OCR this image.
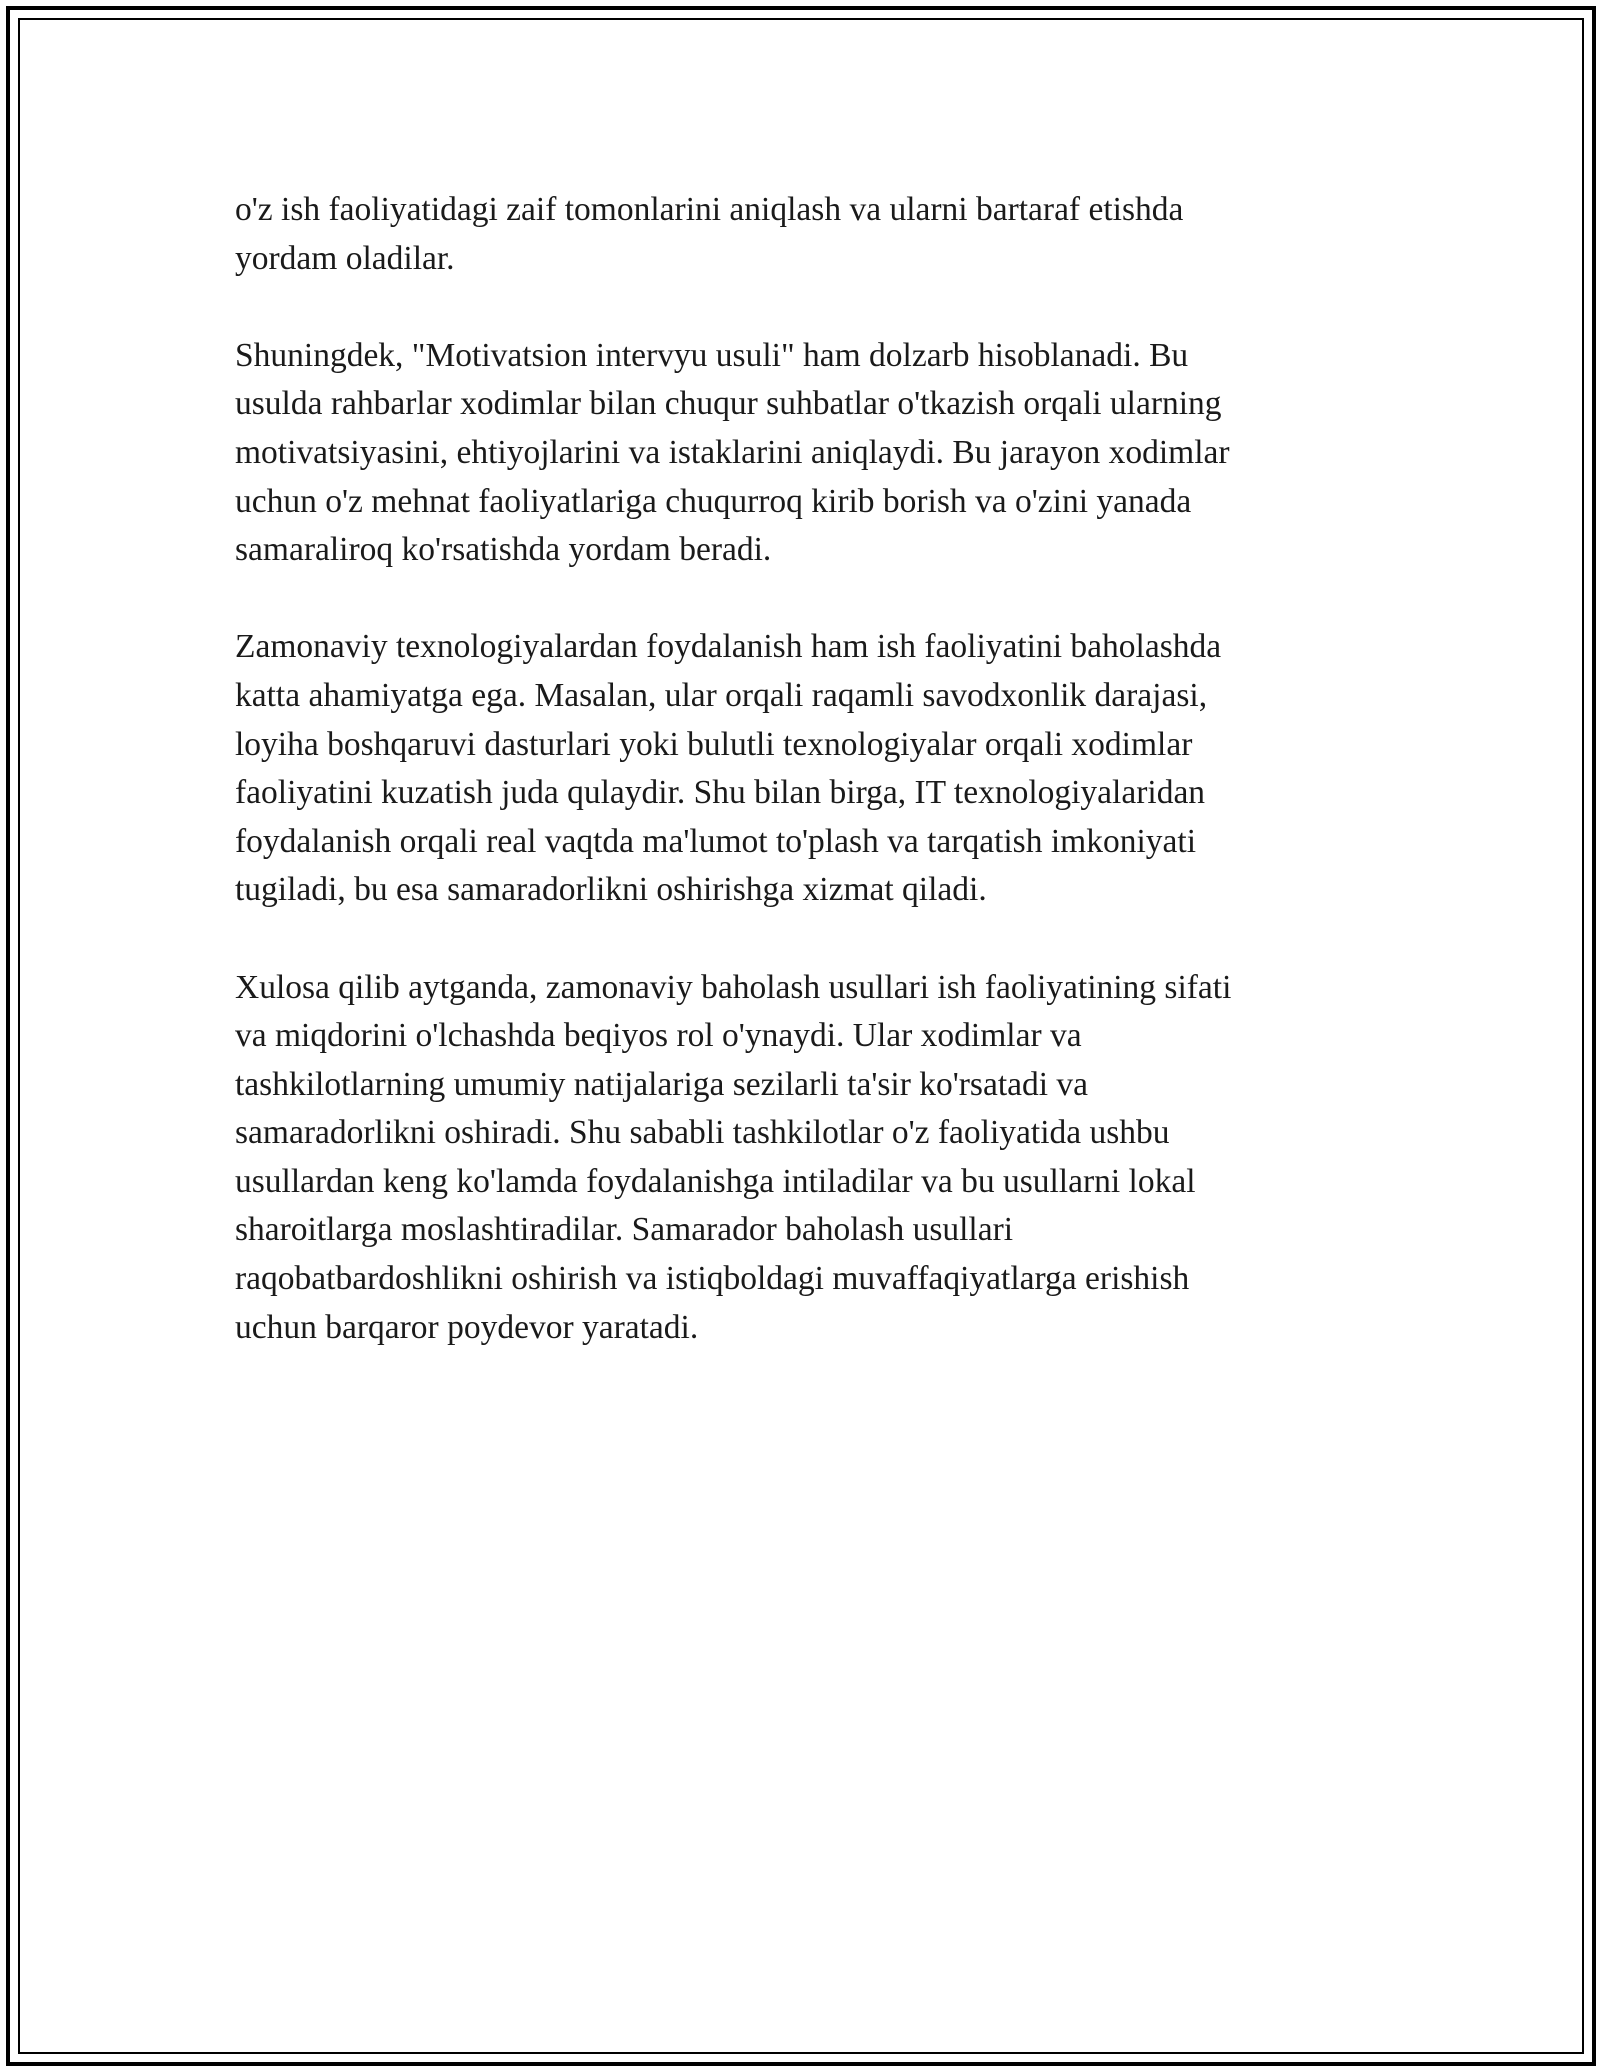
o'z ish faoliyatidagi zaif tomonlarini aniqlash va ularni bartaraf etishda
yordam oladilar.

Shuningdek, "Motivatsion intervyu usuli" ham dolzarb hisoblanadi. Bu
usulda rahbarlar xodimlar bilan chuqur suhbatlar o'tkazish orqali ularning
motivatsiyasini, ehtiyojlarini va istaklarini aniqlaydi. Bu jarayon xodimlar
uchun o'z mehnat faoliyatlariga chuqurroq kirib borish va o'zini yanada
samaraliroq ko'rsatishda yordam beradi.

Zamonaviy texnologiyalardan foydalanish ham ish faoliyatini baholashda
katta ahamiyatga ega. Masalan, ular orqali raqamli savodxonlik darajasi,
loyiha boshqaruvi dasturlari yoki bulutli texnologiyalar orqali xodimlar
faoliyatini kuzatish juda qulaydir. Shu bilan birga, IT texnologiyalaridan
foydalanish orqali real vaqtda ma'lumot to'plash va tarqatish imkoniyati
tugiladi, bu esa samaradorlikni oshirishga xizmat qiladi.

Xulosa qilib aytganda, zamonaviy baholash usullari ish faoliyatining sifati
va miqdorini o'lchashda beqiyos rol o'ynaydi. Ular xodimlar va
tashkilotlarning umumiy natijalariga sezilarli ta'sir ko'rsatadi va
samaradorlikni oshiradi. Shu sababli tashkilotlar o'z faoliyatida ushbu
usullardan keng ko'lamda foydalanishga intiladilar va bu usullarni lokal
sharoitlarga moslashtiradilar. Samarador baholash usullari
raqobatbardoshlikni oshirish va istiqboldagi muvaffaqiyatlarga erishish
uchun barqaror poydevor yaratadi.
